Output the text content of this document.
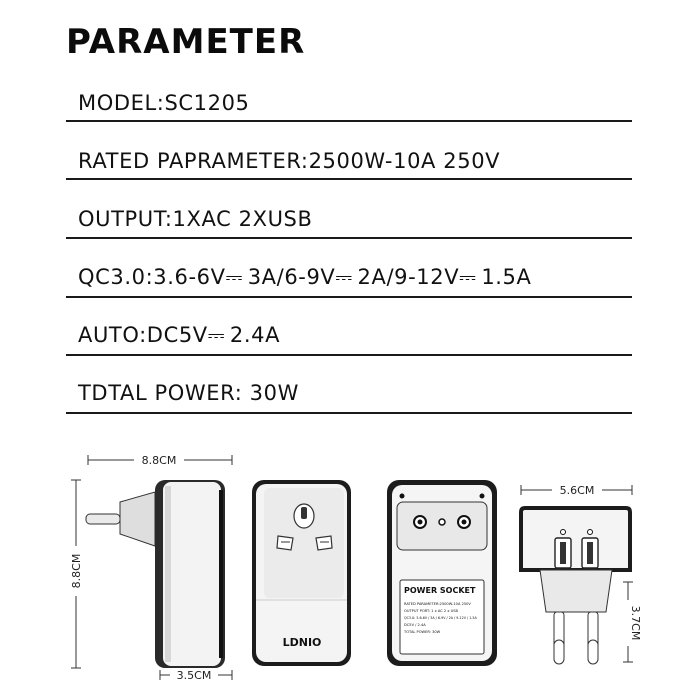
PARAMETER
MODEL:SC1205
RATED PAPRAMETER:2500W-10A 250V
OUTPUT:1XAC 2XUSB
QC3.0:3.6-6V⎓ 3A/6-9V⎓ 2A/9-12V⎓ 1.5A
AUTO:DC5V⎓ 2.4A
TDTAL POWER: 30W
8.8CM
8.8CM
3.5CM
LDNIO
POWER SOCKET
RATED PARAMETER:2500W-10A 250V
OUTPUT PORT: 1 x AC 2 x USB
QC3.0: 3.6-6V / 3A / 6-9V / 2A / 9-12V / 1.5A
DC5V / 2.4A
TOTAL POWER: 30W
5.6CM
3.7CM
